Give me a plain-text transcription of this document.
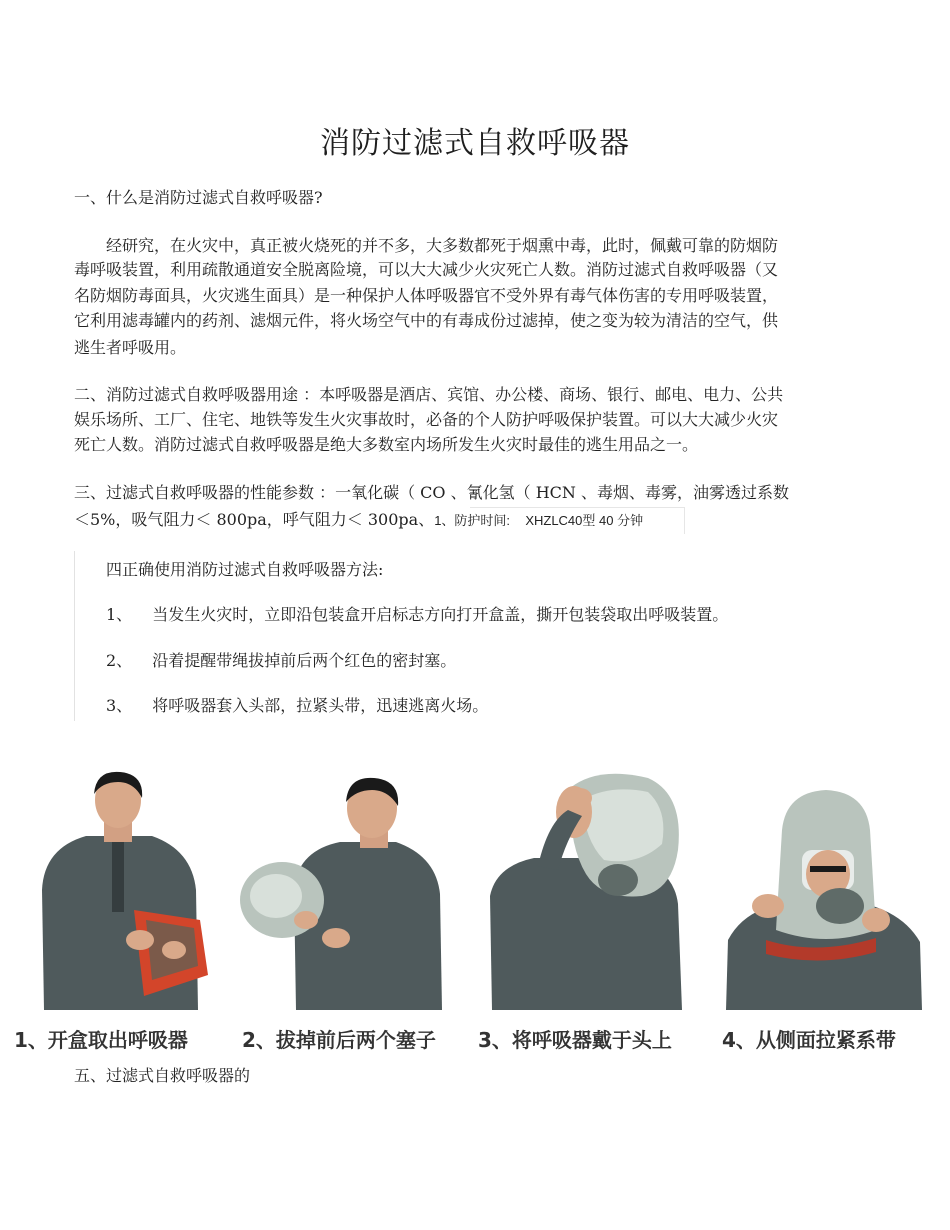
消防过滤式自救呼吸器
一、什么是消防过滤式自救呼吸器?
经研究，在火灾中，真正被火烧死的并不多，大多数都死于烟熏中毒，此时，佩戴可靠的防烟防
毒呼吸装置，利用疏散通道安全脱离险境，可以大大减少火灾死亡人数。消防过滤式自救呼吸器（又
名防烟防毒面具，火灾逃生面具）是一种保护人体呼吸器官不受外界有毒气体伤害的专用呼吸装置，
它利用滤毒罐内的药剂、滤烟元件，将火场空气中的有毒成份过滤掉，使之变为较为清洁的空气，供
逃生者呼吸用。
二、消防过滤式自救呼吸器用途 ：本呼吸器是酒店、宾馆、办公楼、商场、银行、邮电、电力、公共
娱乐场所、工厂、住宅、地铁等发生火灾事故时，必备的个人防护呼吸保护装置。可以大大减少火灾
死亡人数。消防过滤式自救呼吸器是绝大多数室内场所发生火灾时最佳的逃生用品之一。
三、过滤式自救呼吸器的性能参数 ：一氧化碳（ CO 、氰化氢（ HCN 、毒烟、毒雾，油雾透过系数
＜5%，吸气阻力＜ 800pa，呼气阻力＜ 300pa、1、防护时间: XHZLC40型 40 分钟
四正确使用消防过滤式自救呼吸器方法:
1、 当发生火灾时，立即沿包装盒开启标志方向打开盒盖，撕开包装袋取出呼吸装置。
2、 沿着提醒带绳拔掉前后两个红色的密封塞。
3、 将呼吸器套入头部，拉紧头带，迅速逃离火场。
1、开盒取出呼吸器	2、拔掉前后两个塞子 3、将呼吸器戴于头上	4、从侧面拉紧系带
五、过滤式自救呼吸器的
